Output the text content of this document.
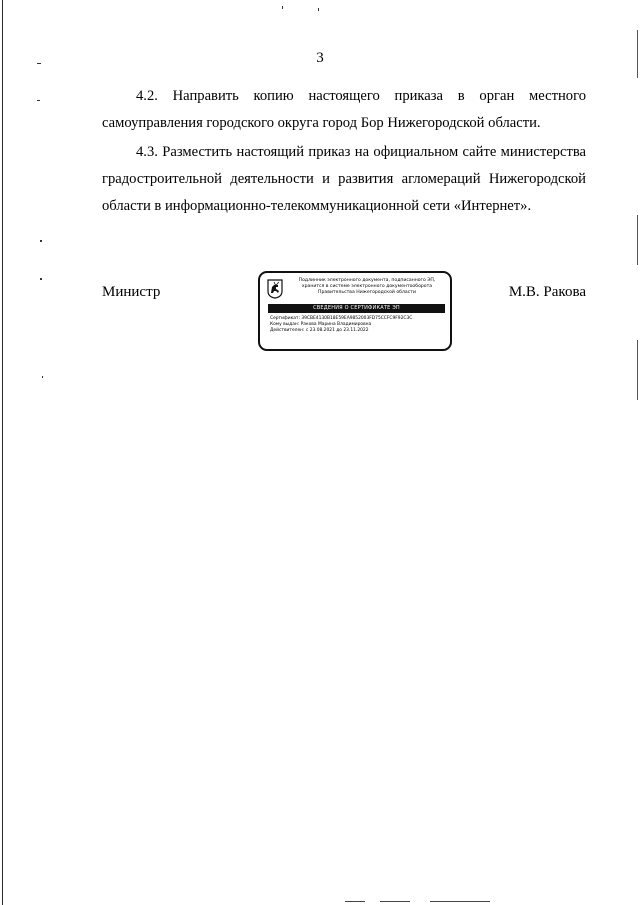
3
4.2. Направить копию настоящего приказа в орган местного
самоуправления городского округа город Бор Нижегородской области.
4.3. Разместить настоящий приказ на официальном сайте министерства
градостроительной деятельности и развития агломераций Нижегородской
области в информационно-телекоммуникационной сети «Интернет».
Министр	М.В. Ракова
Подлинник электронного документа, подписанного ЭП,
хранится в системе электронного документооборота
Правительства Нижегородской области
СВЕДЕНИЯ О СЕРТИФИКАТЕ ЭП
Сертификат: 39CBE4130B18E59EA9852003FD75CCFC9F92C3C
Кому выдан: Ракова Марина Владимировна
Действителен: с 23.08.2021 до 23.11.2022
